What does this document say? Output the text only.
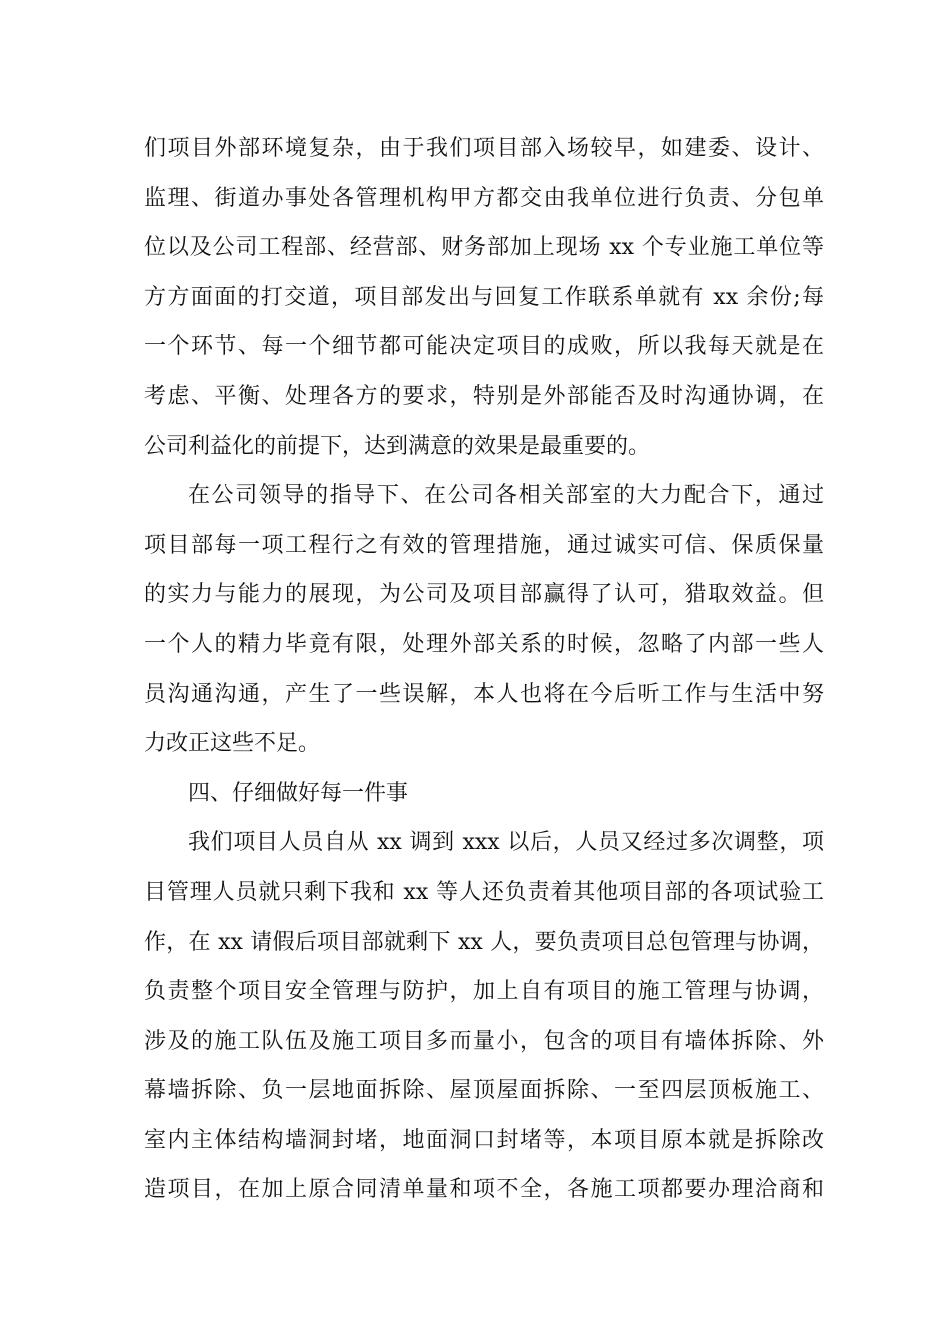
们项目外部环境复杂，由于我们项目部入场较早，如建委、设计、
监理、街道办事处各管理机构甲方都交由我单位进行负责、分包单
位以及公司工程部、经营部、财务部加上现场 xx 个专业施工单位等
方方面面的打交道，项目部发出与回复工作联系单就有 xx 余份;每
一个环节、每一个细节都可能决定项目的成败，所以我每天就是在
考虑、平衡、处理各方的要求，特别是外部能否及时沟通协调，在
公司利益化的前提下，达到满意的效果是最重要的。
在公司领导的指导下、在公司各相关部室的大力配合下，通过
项目部每一项工程行之有效的管理措施，通过诚实可信、保质保量
的实力与能力的展现，为公司及项目部赢得了认可，猎取效益。但
一个人的精力毕竟有限，处理外部关系的时候，忽略了内部一些人
员沟通沟通，产生了一些误解，本人也将在今后听工作与生活中努
力改正这些不足。
四、仔细做好每一件事
我们项目人员自从 xx 调到 xxx 以后，人员又经过多次调整，项
目管理人员就只剩下我和 xx 等人还负责着其他项目部的各项试验工
作，在 xx 请假后项目部就剩下 xx 人，要负责项目总包管理与协调，
负责整个项目安全管理与防护，加上自有项目的施工管理与协调，
涉及的施工队伍及施工项目多而量小，包含的项目有墙体拆除、外
幕墙拆除、负一层地面拆除、屋顶屋面拆除、一至四层顶板施工、
室内主体结构墙洞封堵，地面洞口封堵等，本项目原本就是拆除改
造项目，在加上原合同清单量和项不全，各施工项都要办理洽商和
